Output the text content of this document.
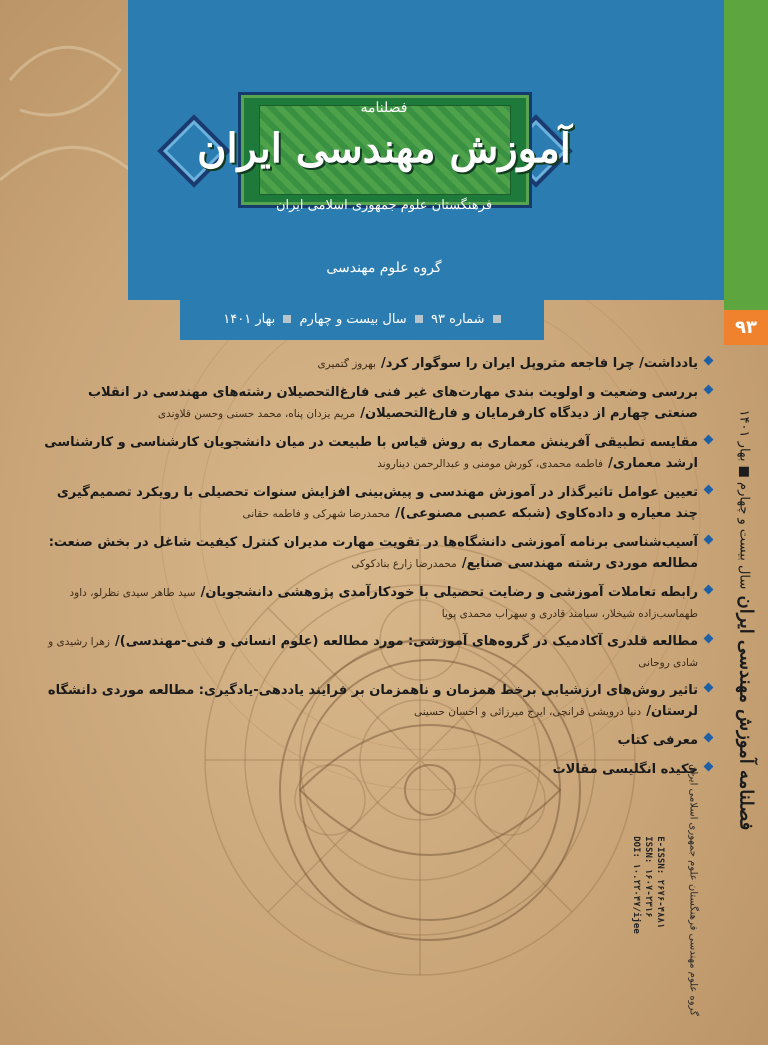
فصلنامه
آموزش مهندسی ایران
فرهنگستان علوم جمهوری اسلامی ایران
گروه علوم مهندسی
شماره ۹۳  سال بیست و چهارم  بهار ۱۴۰۱	۹۳
فصلنامه آموزش مهندسی ایران سال بیست و چهارم ■ بهار ۱۴۰۱
یادداشت/ چرا فاجعه متروپل ایران را سوگوار کرد/ بهروز گتمیری
بررسی وضعیت و اولویت بندی مهارت‌های غیر فنی فارغ‌التحصیلان رشته‌های مهندسی در انقلاب صنعتی چهارم از دیدگاه کارفرمایان و فارغ‌التحصیلان/ مریم یزدان پناه، محمد حسنی وحسن قلاوندی
مقایسه تطبیقی آفرینش معماری به روش قیاس با طبیعت در میان دانشجویان کارشناسی و کارشناسی ارشد معماری/ فاطمه محمدی، کورش مومنی و عبدالرحمن دیناروند
تعیین عوامل تاثیرگذار در آموزش مهندسی و پیش‌بینی افزایش سنوات تحصیلی با رویکرد تصمیم‌گیری چند معیاره و داده‌کاوی (شبکه عصبی مصنوعی)/ محمدرضا شهرکی و فاطمه حقانی
آسیب‌شناسی برنامه آموزشی دانشگاه‌ها در تقویت مهارت مدیران کنترل کیفیت شاغل در بخش صنعت: مطالعه موردی رشته مهندسی صنایع/ محمدرضا زارع بنادکوکی
رابطه تعاملات آموزشی و رضایت تحصیلی با خودکارآمدی پژوهشی دانشجویان/ سید طاهر سیدی نظرلو، داود طهماسب‌زاده شیخلار، سیامند قادری و سهراب محمدی پویا
مطالعه قلدری آکادمیک در گروه‌های آموزشی: مورد مطالعه (علوم انسانی و فنی-مهندسی)/ زهرا رشیدی و شادی روحانی
تاثیر روش‌های ارزشیابی برخط همزمان و ناهمزمان بر فرایند یاددهی-یادگیری: مطالعه موردی دانشگاه لرستان/ دنیا درویشی قرانچی، ایرج میرزائی و احسان حسینی
معرفی کتاب
چکیده انگلیسی مقالات
E-ISSN: ۲۶۷۶-۴۸۸۱
ISSN: ۱۶۰۷-۲۳۱۶
DOI: ۱۰.۲۲۰۴۷/ijee	گروه علوم مهندسی فرهنگستان علوم جمهوری اسلامی ایران
